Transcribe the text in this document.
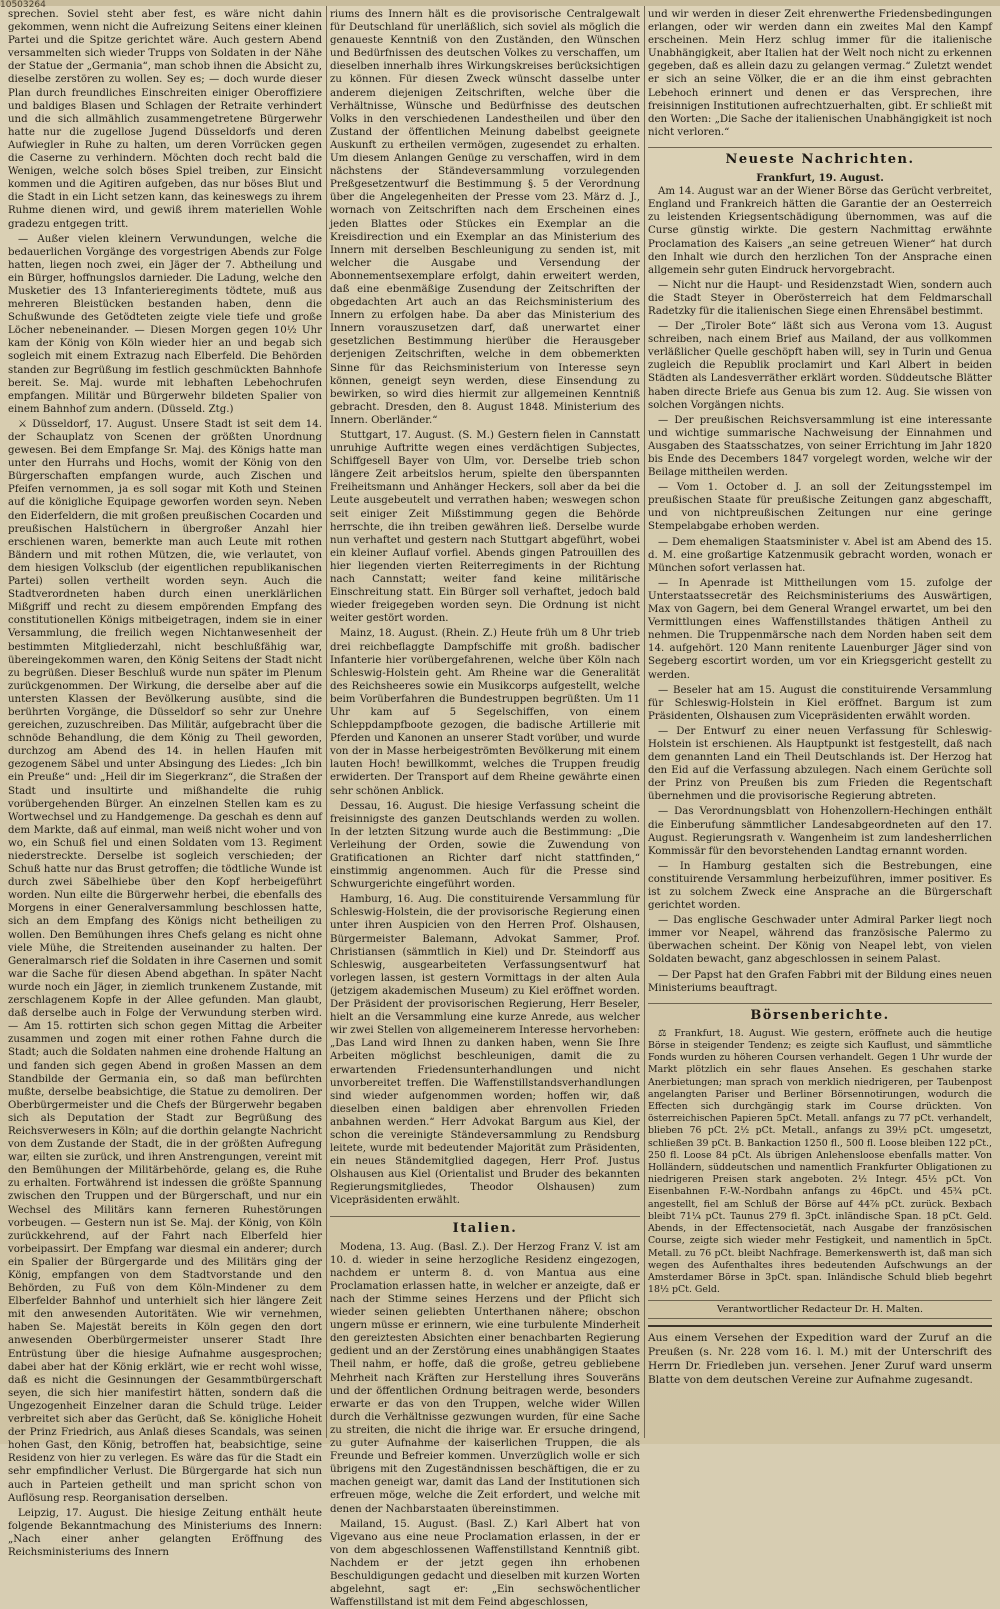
10503264

sprechen. Soviel steht aber fest, es wäre nicht dahin gekommen, wenn nicht die Aufreizung Seitens einer kleinen Partei und die Spitze gerichtet wäre. Auch gestern Abend versammelten sich wieder Trupps von Soldaten in der Nähe der Statue der „Germania“, man schob ihnen die Absicht zu, dieselbe zerstören zu wollen. Sey es; — doch wurde dieser Plan durch freundliches Einschreiten einiger Oberoffiziere und baldiges Blasen und Schlagen der Retraite verhindert und die sich allmählich zusammengetretene Bürgerwehr hatte nur die zugellose Jugend Düsseldorfs und deren Aufwiegler in Ruhe zu halten, um deren Vorrücken gegen die Caserne zu verhindern. Möchten doch recht bald die Wenigen, welche solch böses Spiel treiben, zur Einsicht kommen und die Agitiren aufgeben, das nur böses Blut und die Stadt in ein Licht setzen kann, das keineswegs zu ihrem Ruhme dienen wird, und gewiß ihrem materiellen Wohle gradezu entgegen tritt.

— Außer vielen kleinern Verwundungen, welche die bedauerlichen Vorgänge des vorgestrigen Abends zur Folge hatten, liegen noch zwei, ein Jäger der 7. Abtheilung und ein Bürger, hoffnungslos darnieder. Die Ladung, welche den Musketier des 13 Infanterieregiments tödtete, muß aus mehreren Bleistücken bestanden haben, denn die Schußwunde des Getödteten zeigte viele tiefe und große Löcher nebeneinander. — Diesen Morgen gegen 10½ Uhr kam der König von Köln wieder hier an und begab sich sogleich mit einem Extrazug nach Elberfeld. Die Behörden standen zur Begrüßung im festlich geschmückten Bahnhofe bereit. Se. Maj. wurde mit lebhaften Lebehochrufen empfangen. Militär und Bürgerwehr bildeten Spalier von einem Bahnhof zum andern. (Düsseld. Ztg.)

⚔ Düsseldorf, 17. August. Unsere Stadt ist seit dem 14. der Schauplatz von Scenen der größten Unordnung gewesen. Bei dem Empfange Sr. Maj. des Königs hatte man unter den Hurrahs und Hochs, womit der König von den Bürgerschaften empfangen wurde, auch Zischen und Pfeifen vernommen, ja es soll sogar mit Koth und Steinen auf die königliche Equipage geworfen worden seyn. Neben den Eiderfeldern, die mit großen preußischen Cocarden und preußischen Halstüchern in übergroßer Anzahl hier erschienen waren, bemerkte man auch Leute mit rothen Bändern und mit rothen Mützen, die, wie verlautet, von dem hiesigen Volksclub (der eigentlichen republikanischen Partei) sollen vertheilt worden seyn. Auch die Stadtverordneten haben durch einen unerklärlichen Mißgriff und recht zu diesem empörenden Empfang des constitutionellen Königs mitbeigetragen, indem sie in einer Versammlung, die freilich wegen Nichtanwesenheit der bestimmten Mitgliederzahl, nicht beschlußfähig war, übereingekommen waren, den König Seitens der Stadt nicht zu begrüßen. Dieser Beschluß wurde nun später im Plenum zurückgenommen. Der Wirkung, die derselbe aber auf die untersten Klassen der Bevölkerung ausübte, sind die berührten Vorgänge, die Düsseldorf so sehr zur Unehre gereichen, zuzuschreiben. Das Militär, aufgebracht über die schnöde Behandlung, die dem König zu Theil geworden, durchzog am Abend des 14. in hellen Haufen mit gezogenem Säbel und unter Absingung des Liedes: „Ich bin ein Preuße“ und: „Heil dir im Siegerkranz“, die Straßen der Stadt und insultirte und mißhandelte die ruhig vorübergehenden Bürger. An einzelnen Stellen kam es zu Wortwechsel und zu Handgemenge. Da geschah es denn auf dem Markte, daß auf einmal, man weiß nicht woher und von wo, ein Schuß fiel und einen Soldaten vom 13. Regiment niederstreckte. Derselbe ist sogleich verschieden; der Schuß hatte nur das Brust getroffen; die tödtliche Wunde ist durch zwei Säbelhiebe über den Kopf herbeigeführt worden. Nun eilte die Bürgerwehr herbei, die ebenfalls des Morgens in einer Generalversammlung beschlossen hatte, sich an dem Empfang des Königs nicht betheiligen zu wollen. Den Bemühungen ihres Chefs gelang es nicht ohne viele Mühe, die Streitenden auseinander zu halten. Der Generalmarsch rief die Soldaten in ihre Casernen und somit war die Sache für diesen Abend abgethan. In später Nacht wurde noch ein Jäger, in ziemlich trunkenem Zustande, mit zerschlagenem Kopfe in der Allee gefunden. Man glaubt, daß derselbe auch in Folge der Verwundung sterben wird. — Am 15. rottirten sich schon gegen Mittag die Arbeiter zusammen und zogen mit einer rothen Fahne durch die Stadt; auch die Soldaten nahmen eine drohende Haltung an und fanden sich gegen Abend in großen Massen an dem Standbilde der Germania ein, so daß man befürchten mußte, derselbe beabsichtige, die Statue zu demoliren. Der Oberbürgermeister und die Chefs der Bürgerwehr begaben sich als Deputation der Stadt zur Begrüßung des Reichsverwesers in Köln; auf die dorthin gelangte Nachricht von dem Zustande der Stadt, die in der größten Aufregung war, eilten sie zurück, und ihren Anstrengungen, vereint mit den Bemühungen der Militärbehörde, gelang es, die Ruhe zu erhalten. Fortwährend ist indessen die größte Spannung zwischen den Truppen und der Bürgerschaft, und nur ein Wechsel des Militärs kann ferneren Ruhestörungen vorbeugen. — Gestern nun ist Se. Maj. der König, von Köln zurückkehrend, auf der Fahrt nach Elberfeld hier vorbeipassirt. Der Empfang war diesmal ein anderer; durch ein Spalier der Bürgergarde und des Militärs ging der König, empfangen von dem Stadtvorstande und den Behörden, zu Fuß von dem Köln-Mindener zu dem Elberfelder Bahnhof und unterhielt sich hier längere Zeit mit den anwesenden Autoritäten. Wie wir vernehmen, haben Se. Majestät bereits in Köln gegen den dort anwesenden Oberbürgermeister unserer Stadt Ihre Entrüstung über die hiesige Aufnahme ausgesprochen; dabei aber hat der König erklärt, wie er recht wohl wisse, daß es nicht die Gesinnungen der Gesammtbürgerschaft seyen, die sich hier manifestirt hätten, sondern daß die Ungezogenheit Einzelner daran die Schuld trüge. Leider verbreitet sich aber das Gerücht, daß Se. königliche Hoheit der Prinz Friedrich, aus Anlaß dieses Scandals, was seinen hohen Gast, den König, betroffen hat, beabsichtige, seine Residenz von hier zu verlegen. Es wäre das für die Stadt ein sehr empfindlicher Verlust. Die Bürgergarde hat sich nun auch in Parteien getheilt und man spricht schon von Auflösung resp. Reorganisation derselben.

Leipzig, 17. August. Die hiesige Zeitung enthält heute folgende Bekanntmachung des Ministeriums des Innern: „Nach einer anher gelangten Eröffnung des Reichsministeriums des Innern

riums des Innern hält es die provisorische Centralgewalt für Deutschland für unerläßlich, sich soviel als möglich die genaueste Kenntniß von den Zuständen, den Wünschen und Bedürfnissen des deutschen Volkes zu verschaffen, um dieselben innerhalb ihres Wirkungskreises berücksichtigen zu können. Für diesen Zweck wünscht dasselbe unter anderem diejenigen Zeitschriften, welche über die Verhältnisse, Wünsche und Bedürfnisse des deutschen Volks in den verschiedenen Landestheilen und über den Zustand der öffentlichen Meinung dabelbst geeignete Auskunft zu ertheilen vermögen, zugesendet zu erhalten. Um diesem Anlangen Genüge zu verschaffen, wird in dem nächstens der Ständeversammlung vorzulegenden Preßgesetzentwurf die Bestimmung §. 5 der Verordnung über die Angelegenheiten der Presse vom 23. März d. J., wornach von Zeitschriften nach dem Erscheinen eines jeden Blattes oder Stückes ein Exemplar an die Kreisdirection und ein Exemplar an das Ministerium des Innern mit derselben Beschleunigung zu senden ist, mit welcher die Ausgabe und Versendung der Abonnementsexemplare erfolgt, dahin erweitert werden, daß eine ebenmäßige Zusendung der Zeitschriften der obgedachten Art auch an das Reichsministerium des Innern zu erfolgen habe. Da aber das Ministerium des Innern vorauszusetzen darf, daß unerwartet einer gesetzlichen Bestimmung hierüber die Herausgeber derjenigen Zeitschriften, welche in dem obbemerkten Sinne für das Reichsministerium von Interesse seyn können, geneigt seyn werden, diese Einsendung zu bewirken, so wird dies hiermit zur allgemeinen Kenntniß gebracht. Dresden, den 8. August 1848. Ministerium des Innern. Oberländer.“

Stuttgart, 17. August. (S. M.) Gestern fielen in Cannstatt unruhige Auftritte wegen eines verdächtigen Subjectes, Schiffgesell Bayer von Ulm, vor. Derselbe trieb schon längere Zeit arbeitslos herum, spielte den überspannten Freiheitsmann und Anhänger Heckers, soll aber da bei die Leute ausgebeutelt und verrathen haben; weswegen schon seit einiger Zeit Mißstimmung gegen die Behörde herrschte, die ihn treiben gewähren ließ. Derselbe wurde nun verhaftet und gestern nach Stuttgart abgeführt, wobei ein kleiner Auflauf vorfiel. Abends gingen Patrouillen des hier liegenden vierten Reiterregiments in der Richtung nach Cannstatt; weiter fand keine militärische Einschreitung statt. Ein Bürger soll verhaftet, jedoch bald wieder freigegeben worden seyn. Die Ordnung ist nicht weiter gestört worden.

Mainz, 18. August. (Rhein. Z.) Heute früh um 8 Uhr trieb drei reichbeflaggte Dampfschiffe mit großh. badischer Infanterie hier vorübergefahrenen, welche über Köln nach Schleswig-Holstein geht. Am Rheine war die Generalität des Reichsheeres sowie ein Musikcorps aufgestellt, welche beim Vorüberfahren die Bundestruppen begrüßten. Um 11 Uhr kam auf 5 Segelschiffen, von einem Schleppdampfboote gezogen, die badische Artillerie mit Pferden und Kanonen an unserer Stadt vorüber, und wurde von der in Masse herbeigeströmten Bevölkerung mit einem lauten Hoch! bewillkommt, welches die Truppen freudig erwiderten. Der Transport auf dem Rheine gewährte einen sehr schönen Anblick.

Dessau, 16. August. Die hiesige Verfassung scheint die freisinnigste des ganzen Deutschlands werden zu wollen. In der letzten Sitzung wurde auch die Bestimmung: „Die Verleihung der Orden, sowie die Zuwendung von Gratificationen an Richter darf nicht stattfinden,“ einstimmig angenommen. Auch für die Presse sind Schwurgerichte eingeführt worden.

Hamburg, 16. Aug. Die constituirende Versammlung für Schleswig-Holstein, die der provisorische Regierung einen unter ihren Auspicien von den Herren Prof. Olshausen, Bürgermeister Balemann, Advokat Sammer, Prof. Christiansen (sämmtlich in Kiel) und Dr. Steindorff aus Schleswig, ausgearbeiteten Verfassungsentwurf hat vorlegen lassen, ist gestern Vormittags in der alten Aula (jetzigem akademischen Museum) zu Kiel eröffnet worden. Der Präsident der provisorischen Regierung, Herr Beseler, hielt an die Versammlung eine kurze Anrede, aus welcher wir zwei Stellen von allgemeinerem Interesse hervorheben: „Das Land wird Ihnen zu danken haben, wenn Sie Ihre Arbeiten möglichst beschleunigen, damit die zu erwartenden Friedensunterhandlungen und nicht unvorbereitet treffen. Die Waffenstillstandsverhandlungen sind wieder aufgenommen worden; hoffen wir, daß dieselben einen baldigen aber ehrenvollen Frieden anbahnen werden.“ Herr Advokat Bargum aus Kiel, der schon die vereinigte Ständeversammlung zu Rendsburg leitete, wurde mit bedeutender Majorität zum Präsidenten, ein neues Ständemitglied dagegen, Herr Prof. Justus Olshausen aus Kiel (Orientalist und Bruder des bekannten Regierungsmitgliedes, Theodor Olshausen) zum Vicepräsidenten erwählt.

Italien.

Modena, 13. Aug. (Basl. Z.). Der Herzog Franz V. ist am 10. d. wieder in seine herzogliche Residenz eingezogen, nachdem er unterm 8. d. von Mantua aus eine Proclamation erlassen hatte, in welcher er anzeigte, daß er nach der Stimme seines Herzens und der Pflicht sich wieder seinen geliebten Unterthanen nähere; obschon ungern müsse er erinnern, wie eine turbulente Minderheit den gereiztesten Absichten einer benachbarten Regierung gedient und an der Zerstörung eines unabhängigen Staates Theil nahm, er hoffe, daß die große, getreu gebliebene Mehrheit nach Kräften zur Herstellung ihres Souveräns und der öffentlichen Ordnung beitragen werde, besonders erwarte er das von den Truppen, welche wider Willen durch die Verhältnisse gezwungen wurden, für eine Sache zu streiten, die nicht die ihrige war. Er ersuche dringend, zu guter Aufnahme der kaiserlichen Truppen, die als Freunde und Befreier kommen. Unverzüglich wolle er sich übrigens mit den Zugeständnissen beschäftigen, die er zu machen geneigt war, damit das Land der Institutionen sich erfreuen möge, welche die Zeit erfordert, und welche mit denen der Nachbarstaaten übereinstimmen.

Mailand, 15. August. (Basl. Z.) Karl Albert hat von Vigevano aus eine neue Proclamation erlassen, in der er von dem abgeschlossenen Waffenstillstand Kenntniß gibt. Nachdem er der jetzt gegen ihn erhobenen Beschuldigungen gedacht und dieselben mit kurzen Worten abgelehnt, sagt er: „Ein sechswöchentlicher Waffenstillstand ist mit dem Feind abgeschlossen,

und wir werden in dieser Zeit ehrenwerthe Friedensbedingungen erlangen, oder wir werden dann ein zweites Mal den Kampf erscheinen. Mein Herz schlug immer für die italienische Unabhängigkeit, aber Italien hat der Welt noch nicht zu erkennen gegeben, daß es allein dazu zu gelangen vermag.“ Zuletzt wendet er sich an seine Völker, die er an die ihm einst gebrachten Lebehoch erinnert und denen er das Versprechen, ihre freisinnigen Institutionen aufrechtzuerhalten, gibt. Er schließt mit den Worten: „Die Sache der italienischen Unabhängigkeit ist noch nicht verloren.“

Neueste Nachrichten.
Frankfurt, 19. August.

Am 14. August war an der Wiener Börse das Gerücht verbreitet, England und Frankreich hätten die Garantie der an Oesterreich zu leistenden Kriegsentschädigung übernommen, was auf die Curse günstig wirkte. Die gestern Nachmittag erwähnte Proclamation des Kaisers „an seine getreuen Wiener“ hat durch den Inhalt wie durch den herzlichen Ton der Ansprache einen allgemein sehr guten Eindruck hervorgebracht.

— Nicht nur die Haupt- und Residenzstadt Wien, sondern auch die Stadt Steyer in Oberösterreich hat dem Feldmarschall Radetzky für die italienischen Siege einen Ehrensäbel bestimmt.

— Der „Tiroler Bote“ läßt sich aus Verona vom 13. August schreiben, nach einem Brief aus Mailand, der aus vollkommen verläßlicher Quelle geschöpft haben will, sey in Turin und Genua zugleich die Republik proclamirt und Karl Albert in beiden Städten als Landesverräther erklärt worden. Süddeutsche Blätter haben directe Briefe aus Genua bis zum 12. Aug. Sie wissen von solchen Vorgängen nichts.

— Der preußischen Reichsversammlung ist eine interessante und wichtige summarische Nachweisung der Einnahmen und Ausgaben des Staatsschatzes, von seiner Errichtung im Jahr 1820 bis Ende des Decembers 1847 vorgelegt worden, welche wir der Beilage mittheilen werden.

— Vom 1. October d. J. an soll der Zeitungsstempel im preußischen Staate für preußische Zeitungen ganz abgeschafft, und von nichtpreußischen Zeitungen nur eine geringe Stempelabgabe erhoben werden.

— Dem ehemaligen Staatsminister v. Abel ist am Abend des 15. d. M. eine großartige Katzenmusik gebracht worden, wonach er München sofort verlassen hat.

— In Apenrade ist Mittheilungen vom 15. zufolge der Unterstaatssecretär des Reichsministeriums des Auswärtigen, Max von Gagern, bei dem General Wrangel erwartet, um bei den Vermittlungen eines Waffenstillstandes thätigen Antheil zu nehmen. Die Truppenmärsche nach dem Norden haben seit dem 14. aufgehört. 120 Mann renitente Lauenburger Jäger sind von Segeberg escortirt worden, um vor ein Kriegsgericht gestellt zu werden.

— Beseler hat am 15. August die constituirende Versammlung für Schleswig-Holstein in Kiel eröffnet. Bargum ist zum Präsidenten, Olshausen zum Vicepräsidenten erwählt worden.

— Der Entwurf zu einer neuen Verfassung für Schleswig-Holstein ist erschienen. Als Hauptpunkt ist festgestellt, daß nach dem genannten Land ein Theil Deutschlands ist. Der Herzog hat den Eid auf die Verfassung abzulegen. Nach einem Gerüchte soll der Prinz von Preußen bis zum Frieden die Regentschaft übernehmen und die provisorische Regierung abtreten.

— Das Verordnungsblatt von Hohenzollern-Hechingen enthält die Einberufung sämmtlicher Landesabgeordneten auf den 17. August. Regierungsrath v. Wangenheim ist zum landesherrlichen Kommissär für den bevorstehenden Landtag ernannt worden.

— In Hamburg gestalten sich die Bestrebungen, eine constituirende Versammlung herbeizuführen, immer positiver. Es ist zu solchem Zweck eine Ansprache an die Bürgerschaft gerichtet worden.

— Das englische Geschwader unter Admiral Parker liegt noch immer vor Neapel, während das französische Palermo zu überwachen scheint. Der König von Neapel lebt, von vielen Soldaten bewacht, ganz abgeschlossen in seinem Palast.

— Der Papst hat den Grafen Fabbri mit der Bildung eines neuen Ministeriums beauftragt.

Börsenberichte.

⚖ Frankfurt, 18. August. Wie gestern, eröffnete auch die heutige Börse in steigender Tendenz; es zeigte sich Kauflust, und sämmtliche Fonds wurden zu höheren Coursen verhandelt. Gegen 1 Uhr wurde der Markt plötzlich ein sehr flaues Ansehen. Es geschahen starke Anerbietungen; man sprach von merklich niedrigeren, per Taubenpost angelangten Pariser und Berliner Börsennotirungen, wodurch die Effecten sich durchgängig stark im Course drückten. Von österreichischen Papieren 5pCt. Metall. anfangs zu 77 pCt. verhandelt, blieben 76 pCt. 2½ pCt. Metall., anfangs zu 39½ pCt. umgesetzt, schließen 39 pCt. B. Bankaction 1250 fl., 500 fl. Loose bleiben 122 pCt., 250 fl. Loose 84 pCt. Als übrigen Anlehensloose ebenfalls matter. Von Holländern, süddeutschen und namentlich Frankfurter Obligationen zu niedrigeren Preisen stark angeboten. 2½ Integr. 45½ pCt. Von Eisenbahnen F.-W.-Nordbahn anfangs zu 46pCt. und 45¾ pCt. angestellt, fiel am Schluß der Börse auf 44⅞ pCt. zurück. Bexbach bleibt 71¼ pCt. Taunus 279 fl. 3pCt. inländische Span. 18 pCt. Geld. Abends, in der Effectensocietät, nach Ausgabe der französischen Course, zeigte sich wieder mehr Festigkeit, und namentlich in 5pCt. Metall. zu 76 pCt. bleibt Nachfrage. Bemerkenswerth ist, daß man sich wegen des Aufenthaltes ihres bedeutenden Aufschwungs an der Amsterdamer Börse in 3pCt. span. Inländische Schuld blieb begehrt 18½ pCt. Geld.

Verantwortlicher Redacteur Dr. H. Malten.
Aus einem Versehen der Expedition ward der Zuruf an die Preußen (s. Nr. 228 vom 16. l. M.) mit der Unterschrift des Herrn Dr. Friedleben jun. versehen. Jener Zuruf ward unserm Blatte von dem deutschen Vereine zur Aufnahme zugesandt.
